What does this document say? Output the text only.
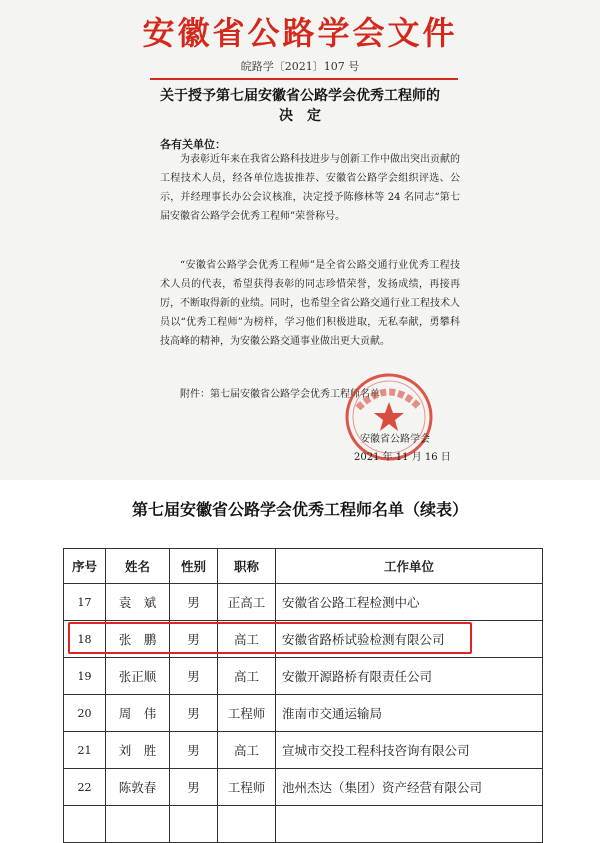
安徽省公路学会文件
皖路学〔2021〕107 号
关于授予第七届安徽省公路学会优秀工程师的
决　定
各有关单位：
为表彰近年来在我省公路科技进步与创新工作中做出突出贡献的工程技术人员，经各单位选拔推荐、安徽省公路学会组织评选、公示，并经理事长办公会议核准，决定授予陈修林等 24 名同志“第七届安徽省公路学会优秀工程师”荣誉称号。
“安徽省公路学会优秀工程师”是全省公路交通行业优秀工程技术人员的代表，希望获得表彰的同志珍惜荣誉，发扬成绩，再接再厉，不断取得新的业绩。同时，也希望全省公路交通行业工程技术人员以“优秀工程师”为榜样，学习他们积极进取，无私奉献，勇攀科技高峰的精神，为安徽公路交通事业做出更大贡献。
附件：第七届安徽省公路学会优秀工程师名单
安徽省公路学会
2021 年 11 月 16 日
第七届安徽省公路学会优秀工程师名单（续表）
序号	姓名	性别	职称	工作单位
17	袁　斌	男	正高工	安徽省公路工程检测中心
18	张　鹏	男	高工	安徽省路桥试验检测有限公司
19	张正顺	男	高工	安徽开源路桥有限责任公司
20	周　伟	男	工程师	淮南市交通运输局
21	刘　胜	男	高工	宣城市交投工程科技咨询有限公司
22	陈敦春	男	工程师	池州杰达（集团）资产经营有限公司
